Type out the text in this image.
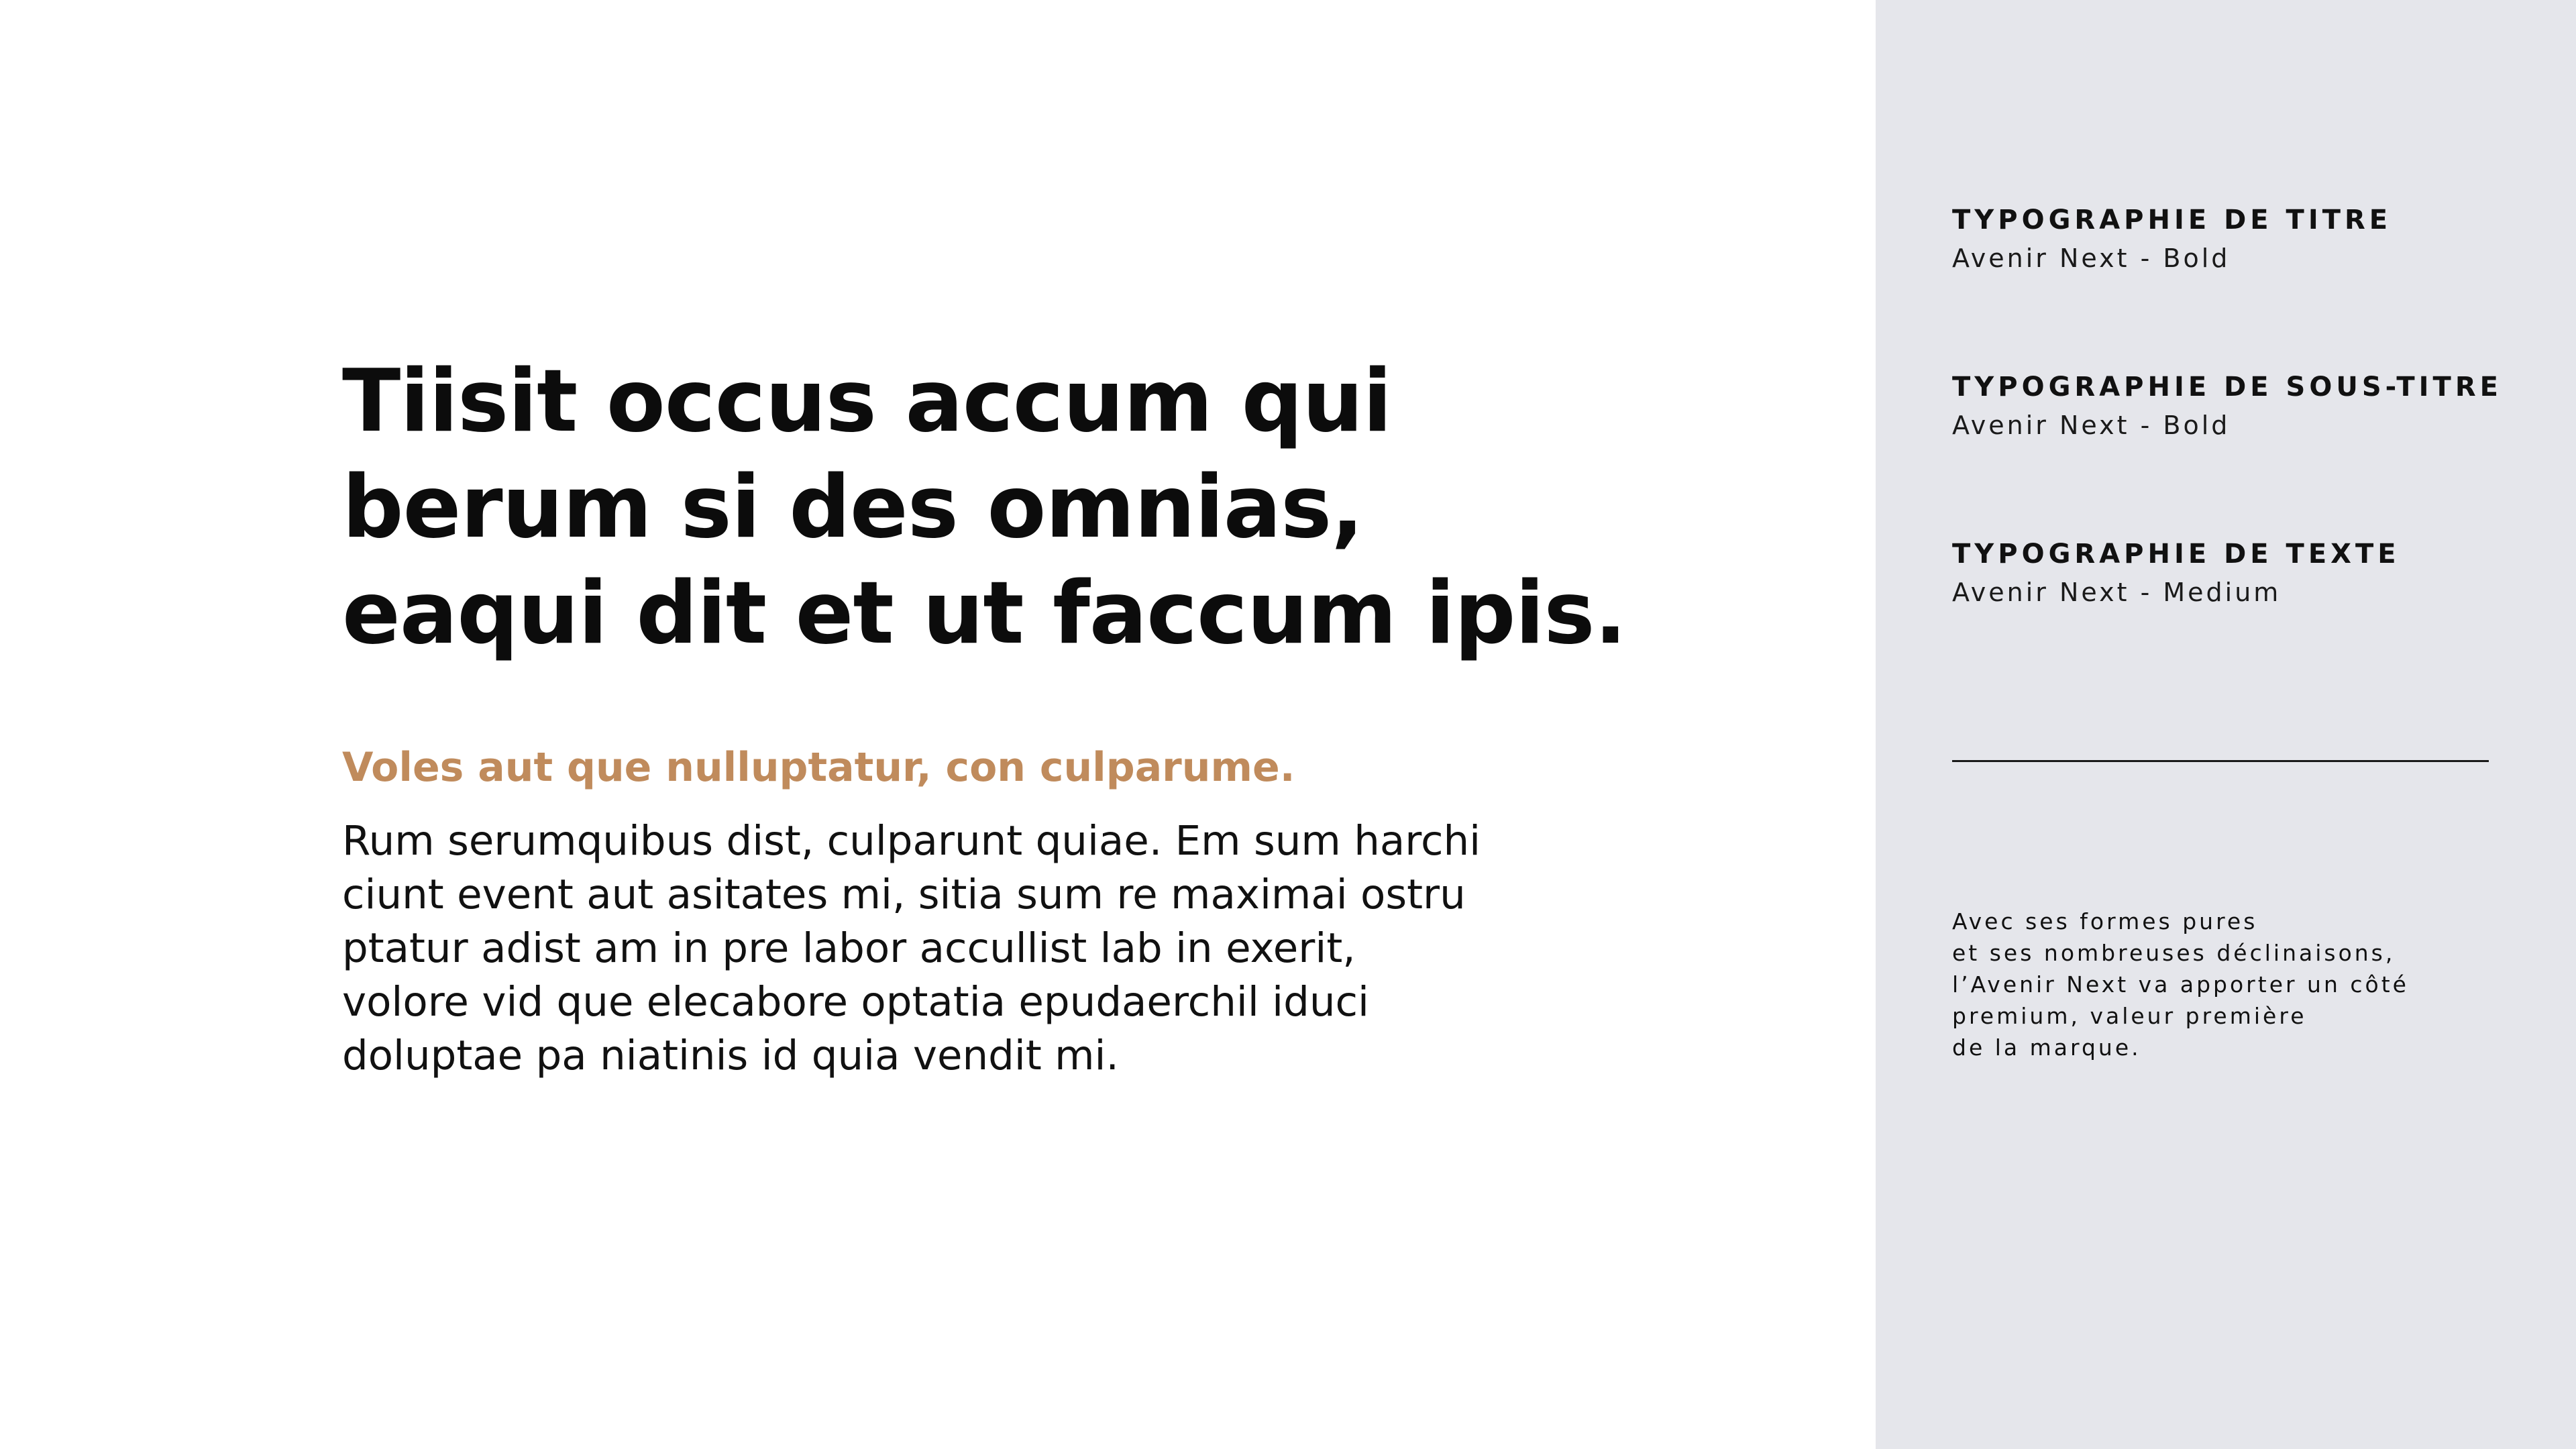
Tiisit occus accum qui
berum si des omnias,
eaqui dit et ut faccum ipis.

Voles aut que nulluptatur, con culparume.

Rum serumquibus dist, culparunt quiae. Em sum harchi
ciunt event aut asitates mi, sitia sum re maximai ostru
ptatur adist am in pre labor accullist lab in exerit,
volore vid que elecabore optatia epudaerchil iduci
doluptae pa niatinis id quia vendit mi.

TYPOGRAPHIE DE TITRE
Avenir Next - Bold
TYPOGRAPHIE DE SOUS-TITRE
Avenir Next - Bold
TYPOGRAPHIE DE TEXTE
Avenir Next - Medium
Avec ses formes pures
et ses nombreuses déclinaisons,
l’Avenir Next va apporter un côté
premium, valeur première
de la marque.
